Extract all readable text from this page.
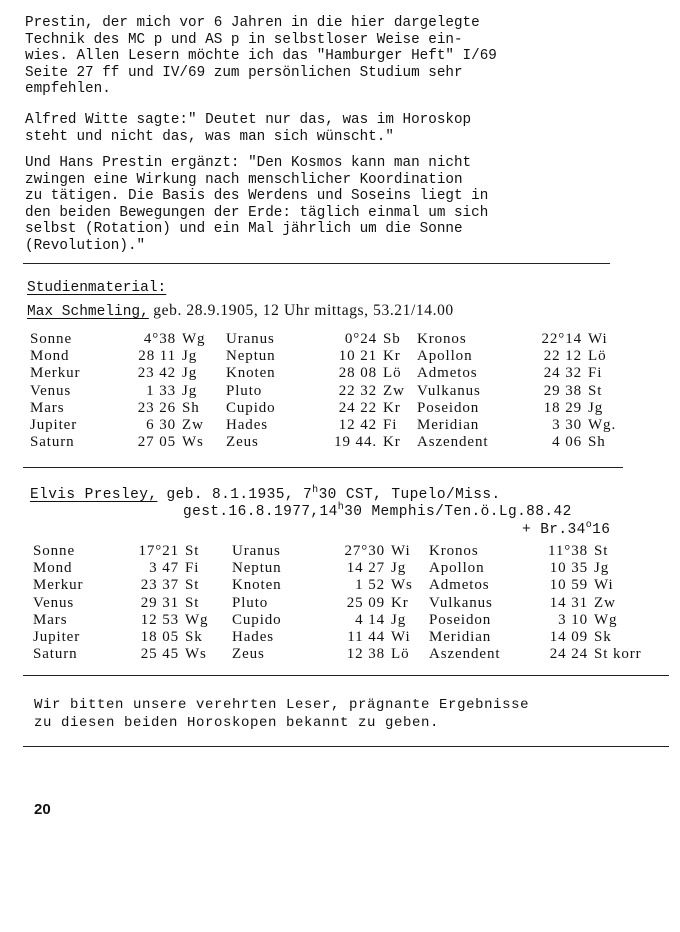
Prestin, der mich vor 6 Jahren in die hier dargelegte
Technik des MC p und AS p in selbstloser Weise ein-
wies. Allen Lesern möchte ich das "Hamburger Heft" I/69
Seite 27 ff und IV/69 zum persönlichen Studium sehr
empfehlen.

Alfred Witte sagte:" Deutet nur das, was im Horoskop
steht und nicht das, was man sich wünscht."

Und Hans Prestin ergänzt: "Den Kosmos kann man nicht
zwingen eine Wirkung nach menschlicher Koordination
zu tätigen. Die Basis des Werdens und Soseins liegt in
den beiden Bewegungen der Erde: täglich einmal um sich
selbst (Rotation) und ein Mal jährlich um die Sonne
(Revolution)."

Studienmaterial:
Max Schmeling, geb. 28.9.1905, 12 Uhr mittags, 53.21/14.00
Sonne	4°38	Wg	Uranus	0°24	Sb	Kronos	22°14	Wi
Mond	28 11	Jg	Neptun	10 21	Kr	Apollon	22 12	Lö
Merkur	23 42	Jg	Knoten	28 08	Lö	Admetos	24 32	Fi
Venus	1 33	Jg	Pluto	22 32	Zw	Vulkanus	29 38	St
Mars	23 26	Sh	Cupido	24 22	Kr	Poseidon	18 29	Jg
Jupiter	6 30	Zw	Hades	12 42	Fi	Meridian	3 30	Wg.
Saturn	27 05	Ws	Zeus	19 44.	Kr	Aszendent	4 06	Sh
Elvis Presley, geb. 8.1.1935, 7$^h$30 CST, Tupelo/Miss.
gest.16.8.1977,14$^h$30 Memphis/Ten.ö.Lg.88.42
+ $Br.34^o16$
Sonne	17°21	St	Uranus	27°30	Wi	Kronos	11°38	St
Mond	3 47	Fi	Neptun	14 27	Jg	Apollon	10 35	Jg
Merkur	23 37	St	Knoten	1 52	Ws	Admetos	10 59	Wi
Venus	29 31	St	Pluto	25 09	Kr	Vulkanus	14 31	Zw
Mars	12 53	Wg	Cupido	4 14	Jg	Poseidon	3 10	Wg
Jupiter	18 05	Sk	Hades	11 44	Wi	Meridian	14 09	Sk
Saturn	25 45	Ws	Zeus	12 38	Lö	Aszendent	24 24	St korr

Wir bitten unsere verehrten Leser, prägnante Ergebnisse
zu diesen beiden Horoskopen bekannt zu geben.

20
